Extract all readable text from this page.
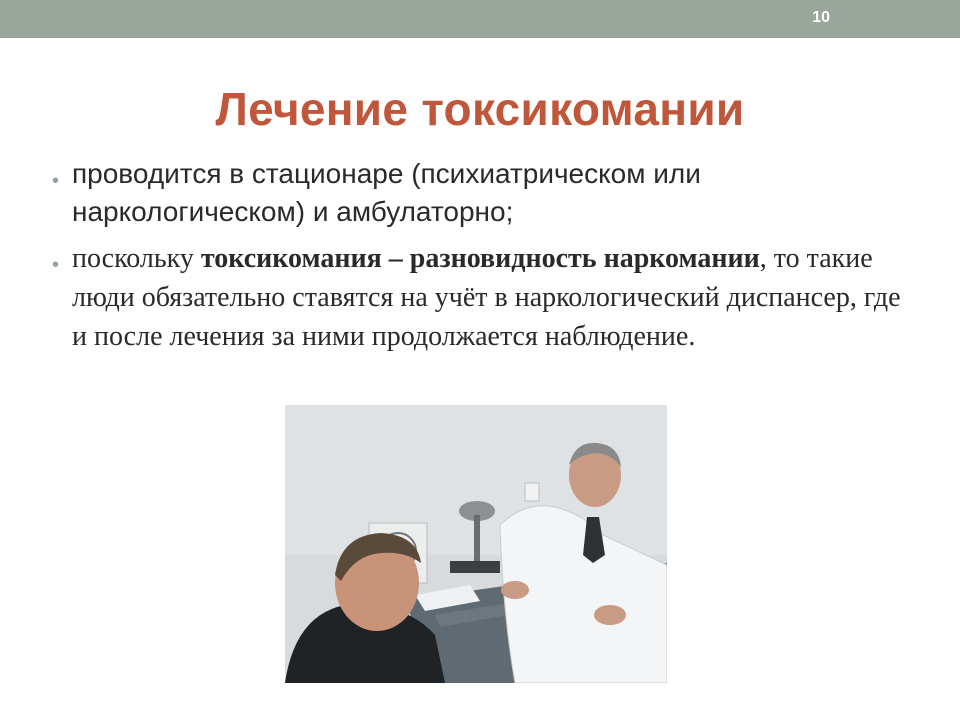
10
Лечение токсикомании
• проводится в стационаре (психиатрическом или наркологическом) и амбулаторно;
• поскольку токсикомания – разновидность наркомании, то такие люди обязательно ставятся на учёт в наркологический диспансер, где и после лечения за ними продолжается наблюдение.
